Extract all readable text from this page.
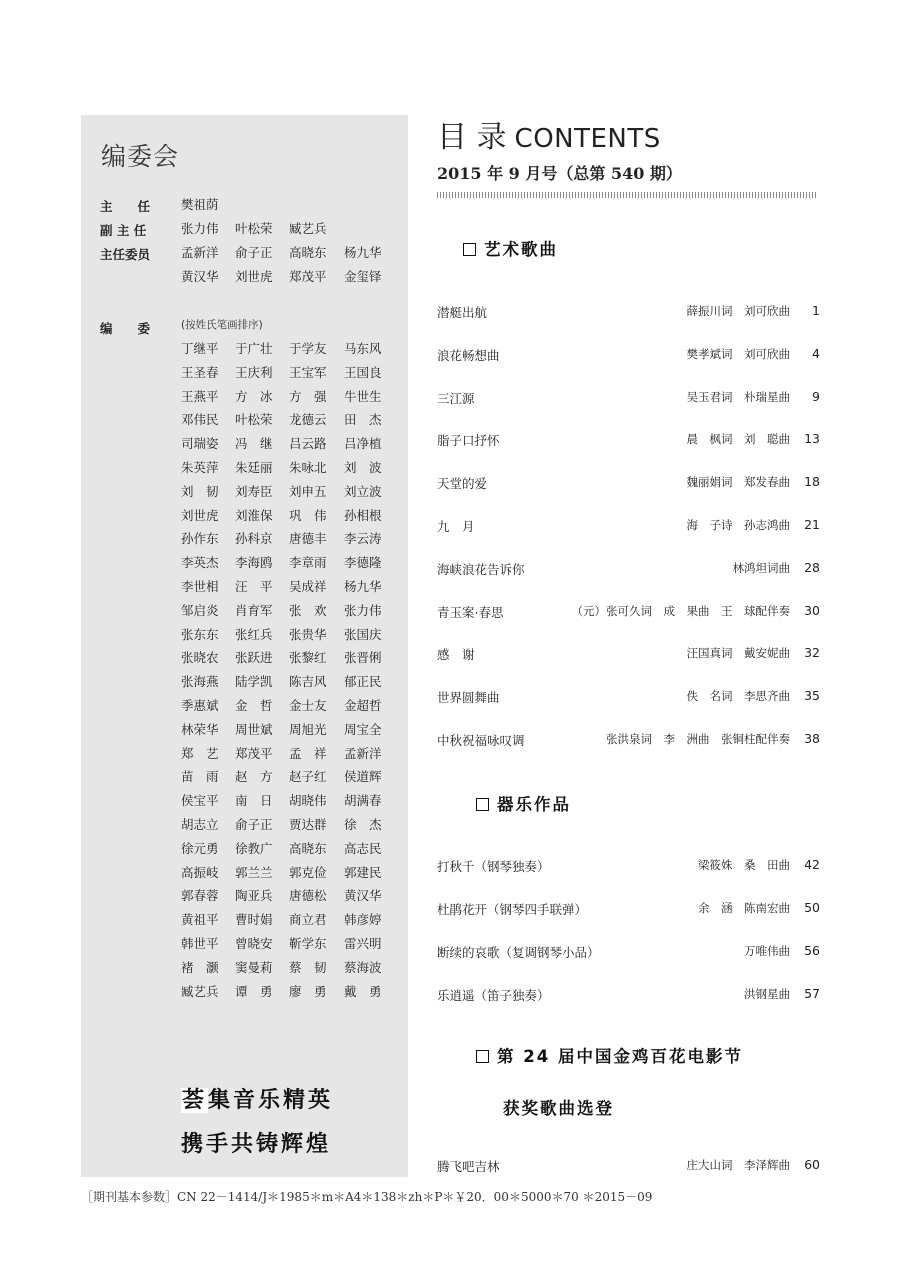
编委会
主　　任	樊祖荫
副 主 任	张力伟	叶松荣	臧艺兵
主任委员	孟新洋	俞子正	高晓东	杨九华
黄汉华	刘世虎	郑茂平	金玺铎
编　　委	(按姓氏笔画排序)
丁继平	于广壮	于学友	马东风
王圣春	王庆利	王宝军	王国良
王燕平	方　冰	方　强	牛世生
邓伟民	叶松荣	龙德云	田　杰
司瑞姿	冯　继	吕云路	吕净植
朱英萍	朱廷丽	朱咏北	刘　波
刘　韧	刘寿臣	刘申五	刘立波
刘世虎	刘淮保	巩　伟	孙相根
孙作东	孙科京	唐德丰	李云涛
李英杰	李海鸥	李章雨	李德隆
李世相	汪　平	吴成祥	杨九华
邹启炎	肖育军	张　欢	张力伟
张东东	张红兵	张贵华	张国庆
张晓农	张跃进	张黎红	张晋俐
张海燕	陆学凯	陈吉风	郁正民
季惠斌	金　哲	金士友	金超哲
林荣华	周世斌	周旭光	周宝全
郑　艺	郑茂平	孟　祥	孟新洋
苗　雨	赵　方	赵子红	侯道辉
侯宝平	南　日	胡晓伟	胡满春
胡志立	俞子正	贾达群	徐　杰
徐元勇	徐教广	高晓东	高志民
高振岐	郭兰兰	郭克俭	郭建民
郭春蓉	陶亚兵	唐德松	黄汉华
黄祖平	曹时娟	商立君	韩彦婷
韩世平	曾晓安	靳学东	雷兴明
褚　灏	窦曼莉	蔡　韧	蔡海波
臧艺兵	谭　勇	廖　勇	戴　勇
荟集音乐精英
携手共铸辉煌
目 录 CONTENTS
2015 年 9 月号（总第 540 期）
艺术歌曲
潜艇出航	薛振川词　刘可欣曲	1
浪花畅想曲	樊孝斌词　刘可欣曲	4
三江源	吴玉君词　朴瑞星曲	9
脂子口抒怀	晨　枫词　刘　聪曲	13
天堂的爱	魏丽娟词　郑发春曲	18
九　月	海　子诗　孙志鸿曲	21
海峡浪花告诉你	林鸿坦词曲	28
青玉案·春思	（元）张可久词　成　果曲　王　球配伴奏	30
感　谢	汪国真词　戴安妮曲	32
世界圆舞曲	佚　名词　李思齐曲	35
中秋祝福咏叹调	张洪泉词　李　洲曲　张铜柱配伴奏	38
器乐作品
打秋千（钢琴独奏）	梁筱姝　桑　田曲	42
杜鹃花开（钢琴四手联弹）	余　涵　陈南宏曲	50
断续的哀歌（复调钢琴小品）	万唯伟曲	56
乐逍遥（笛子独奏）	洪钢星曲	57
第 24 届中国金鸡百花电影节
获奖歌曲选登
腾飞吧吉林	庄大山词　李泽辉曲	60
［期刊基本参数］CN 22－1414/J＊1985＊m＊A4＊138＊zh＊P＊￥20．00＊5000＊70 ＊2015－09
